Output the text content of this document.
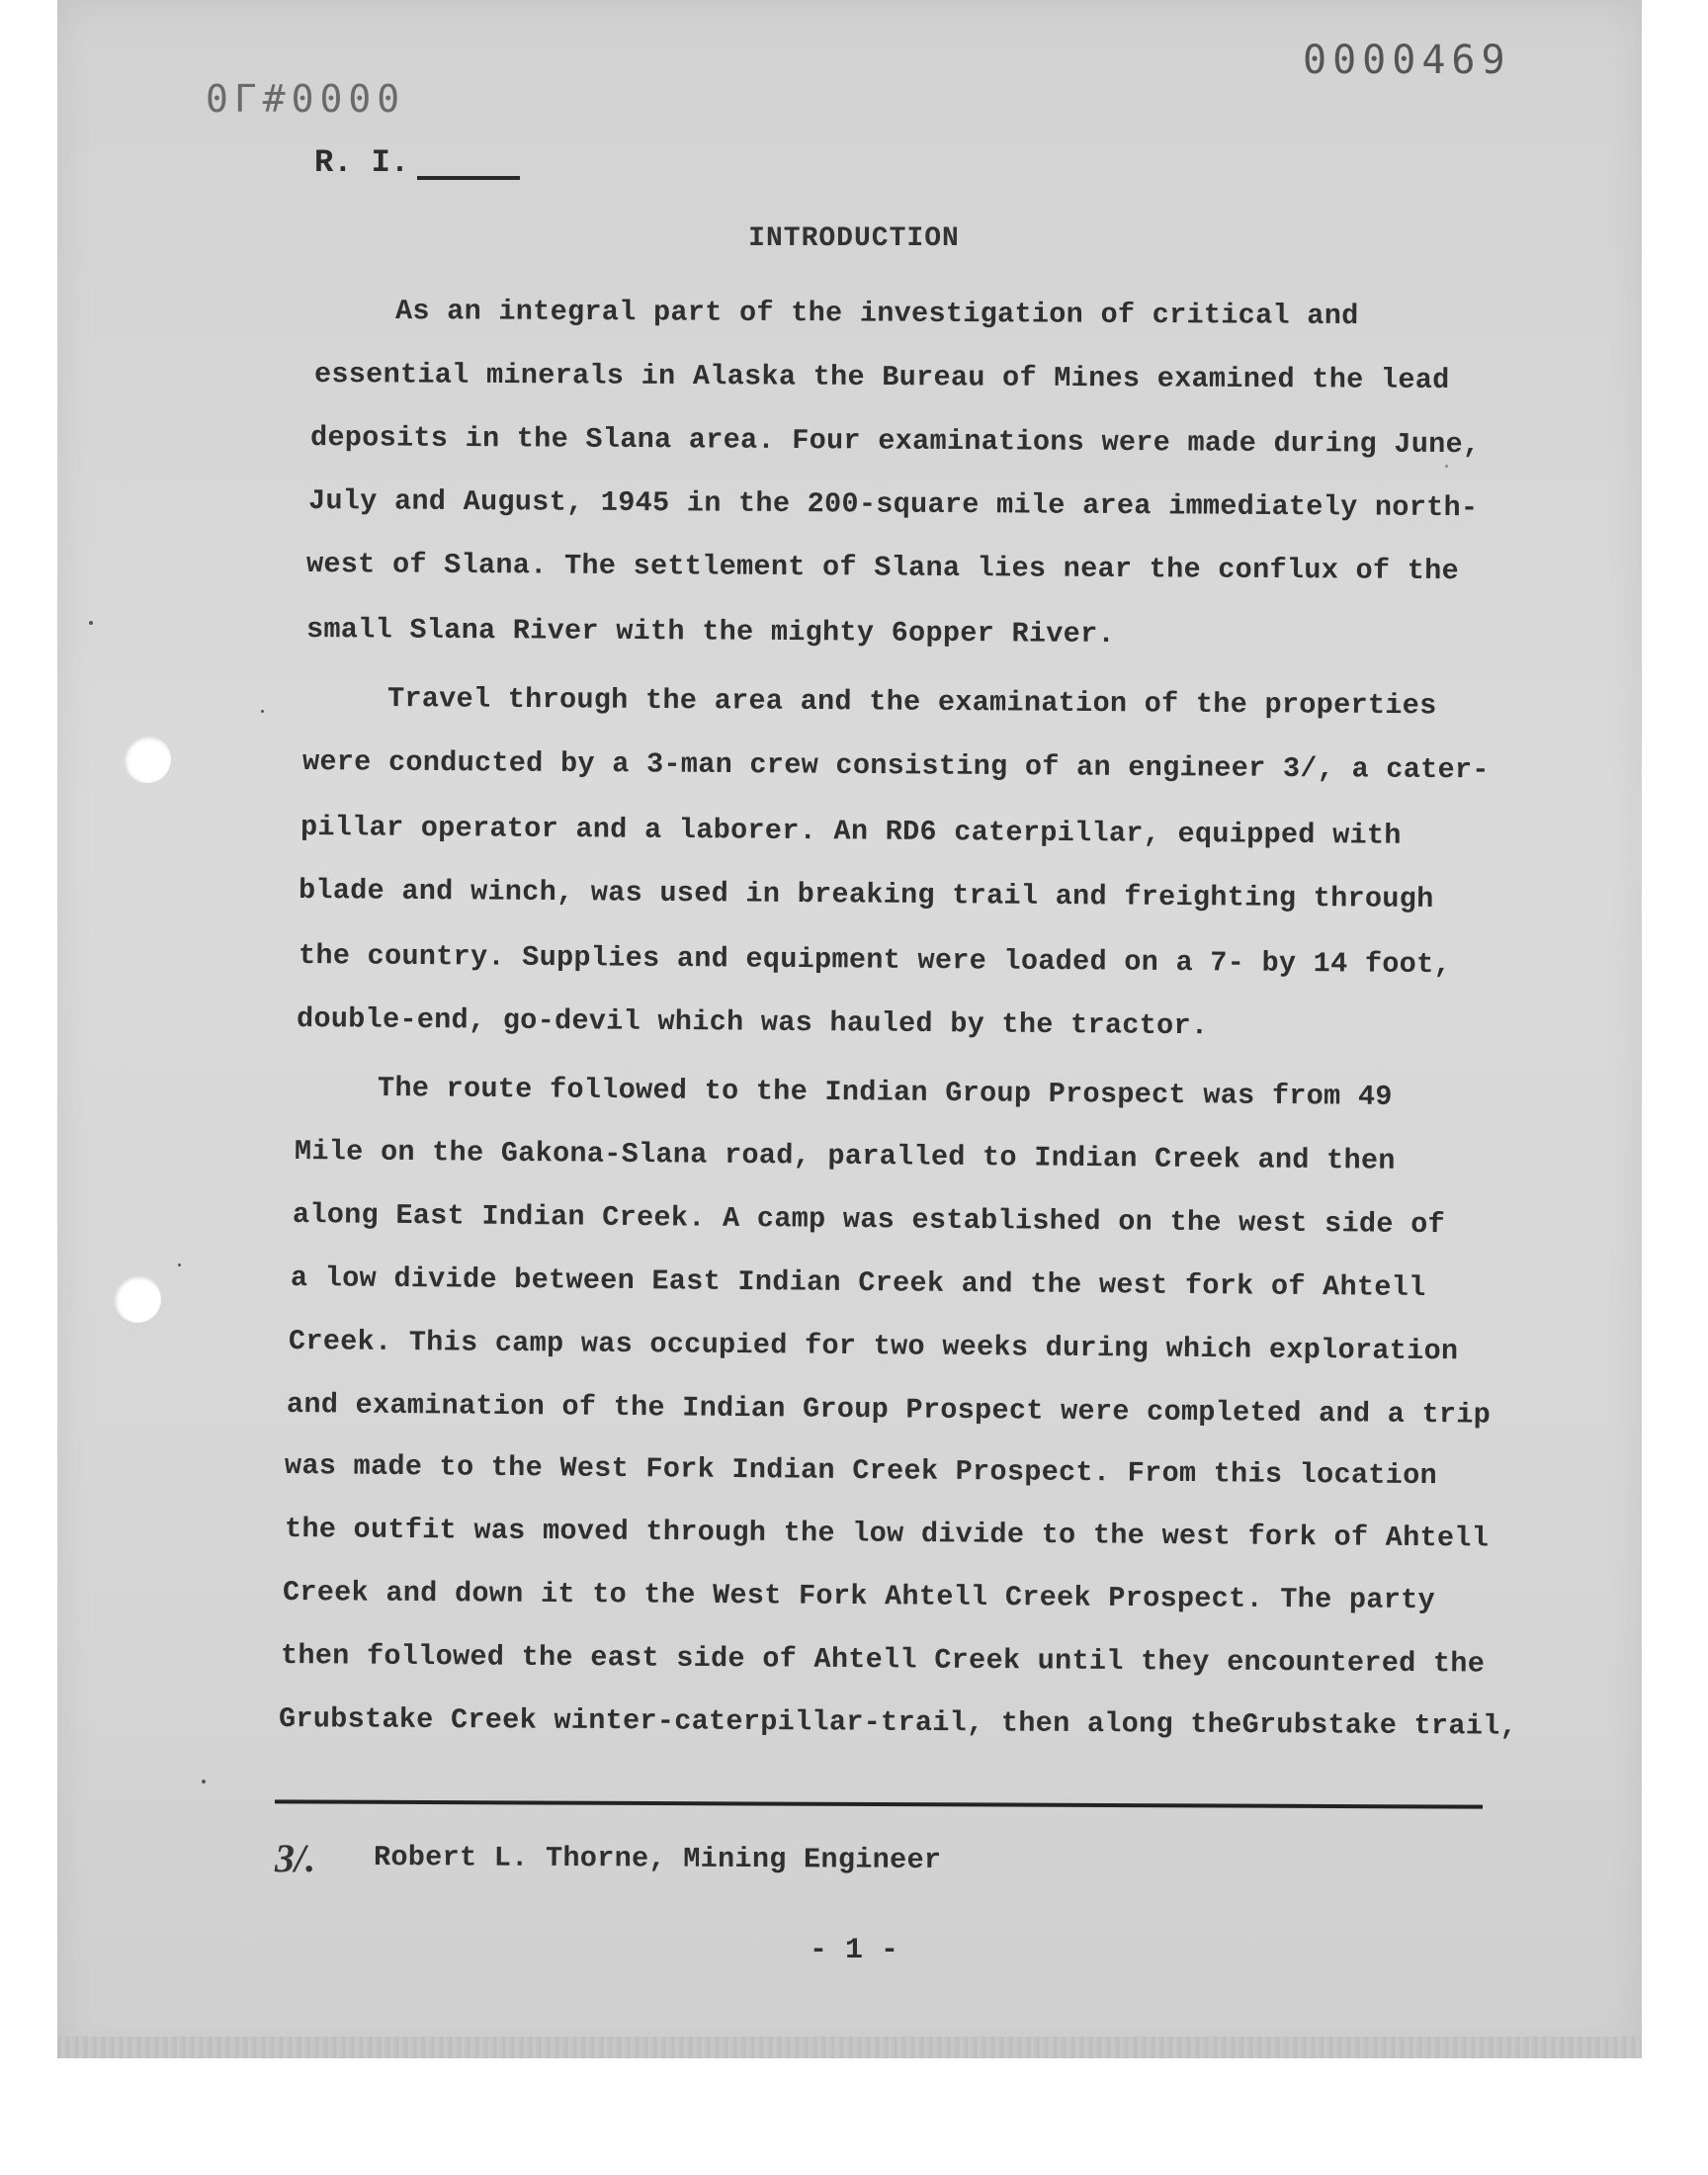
0000469
0Г#0000
R. I.
INTRODUCTION
As an integral part of the investigation of critical and
essential minerals in Alaska the Bureau of Mines examined the lead
deposits in the Slana area. Four examinations were made during June,
July and August, 1945 in the 200-square mile area immediately north-
west of Slana. The settlement of Slana lies near the conflux of the
small Slana River with the mighty 6opper River.
Travel through the area and the examination of the properties
were conducted by a 3-man crew consisting of an engineer 3/, a cater-
pillar operator and a laborer. An RD6 caterpillar, equipped with
blade and winch, was used in breaking trail and freighting through
the country. Supplies and equipment were loaded on a 7- by 14 foot,
double-end, go-devil which was hauled by the tractor.
The route followed to the Indian Group Prospect was from 49
Mile on the Gakona-Slana road, paralled to Indian Creek and then
along East Indian Creek. A camp was established on the west side of
a low divide between East Indian Creek and the west fork of Ahtell
Creek. This camp was occupied for two weeks during which exploration
and examination of the Indian Group Prospect were completed and a trip
was made to the West Fork Indian Creek Prospect. From this location
the outfit was moved through the low divide to the west fork of Ahtell
Creek and down it to the West Fork Ahtell Creek Prospect. The party
then followed the east side of Ahtell Creek until they encountered the
Grubstake Creek winter-caterpillar-trail, then along theGrubstake trail,
3/. Robert L. Thorne, Mining Engineer
- 1 -
